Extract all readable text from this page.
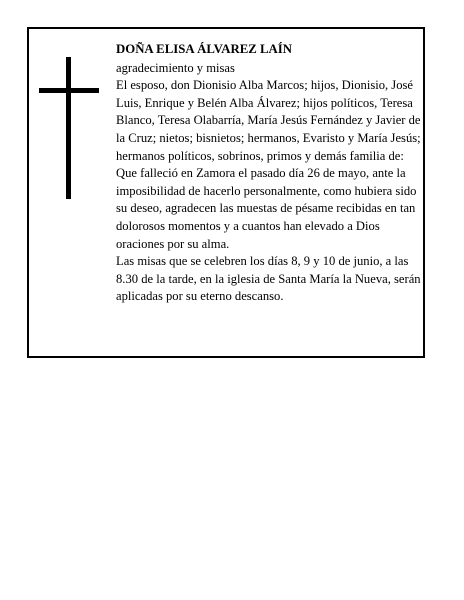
DOÑA ELISA ÁLVAREZ LAÍN

agradecimiento y misas

El esposo, don Dionisio Alba Marcos; hijos, Dionisio, José Luis, Enrique y Belén Alba Álvarez; hijos políticos, Teresa Blanco, Teresa Olabarría, María Jesús Fernández y Javier de la Cruz; nietos; bisnietos; hermanos, Evaristo y María Jesús; hermanos políticos, sobrinos, primos y demás familia de:

Que falleció en Zamora el pasado día 26 de mayo, ante la imposibilidad de hacerlo personalmente, como hubiera sido su deseo, agradecen las muestas de pésame recibidas en tan dolorosos momentos y a cuantos han elevado a Dios oraciones por su alma.

Las misas que se celebren los días 8, 9 y 10 de junio, a las 8.30 de la tarde, en la iglesia de Santa María la Nueva, serán aplicadas por su eterno descanso.
